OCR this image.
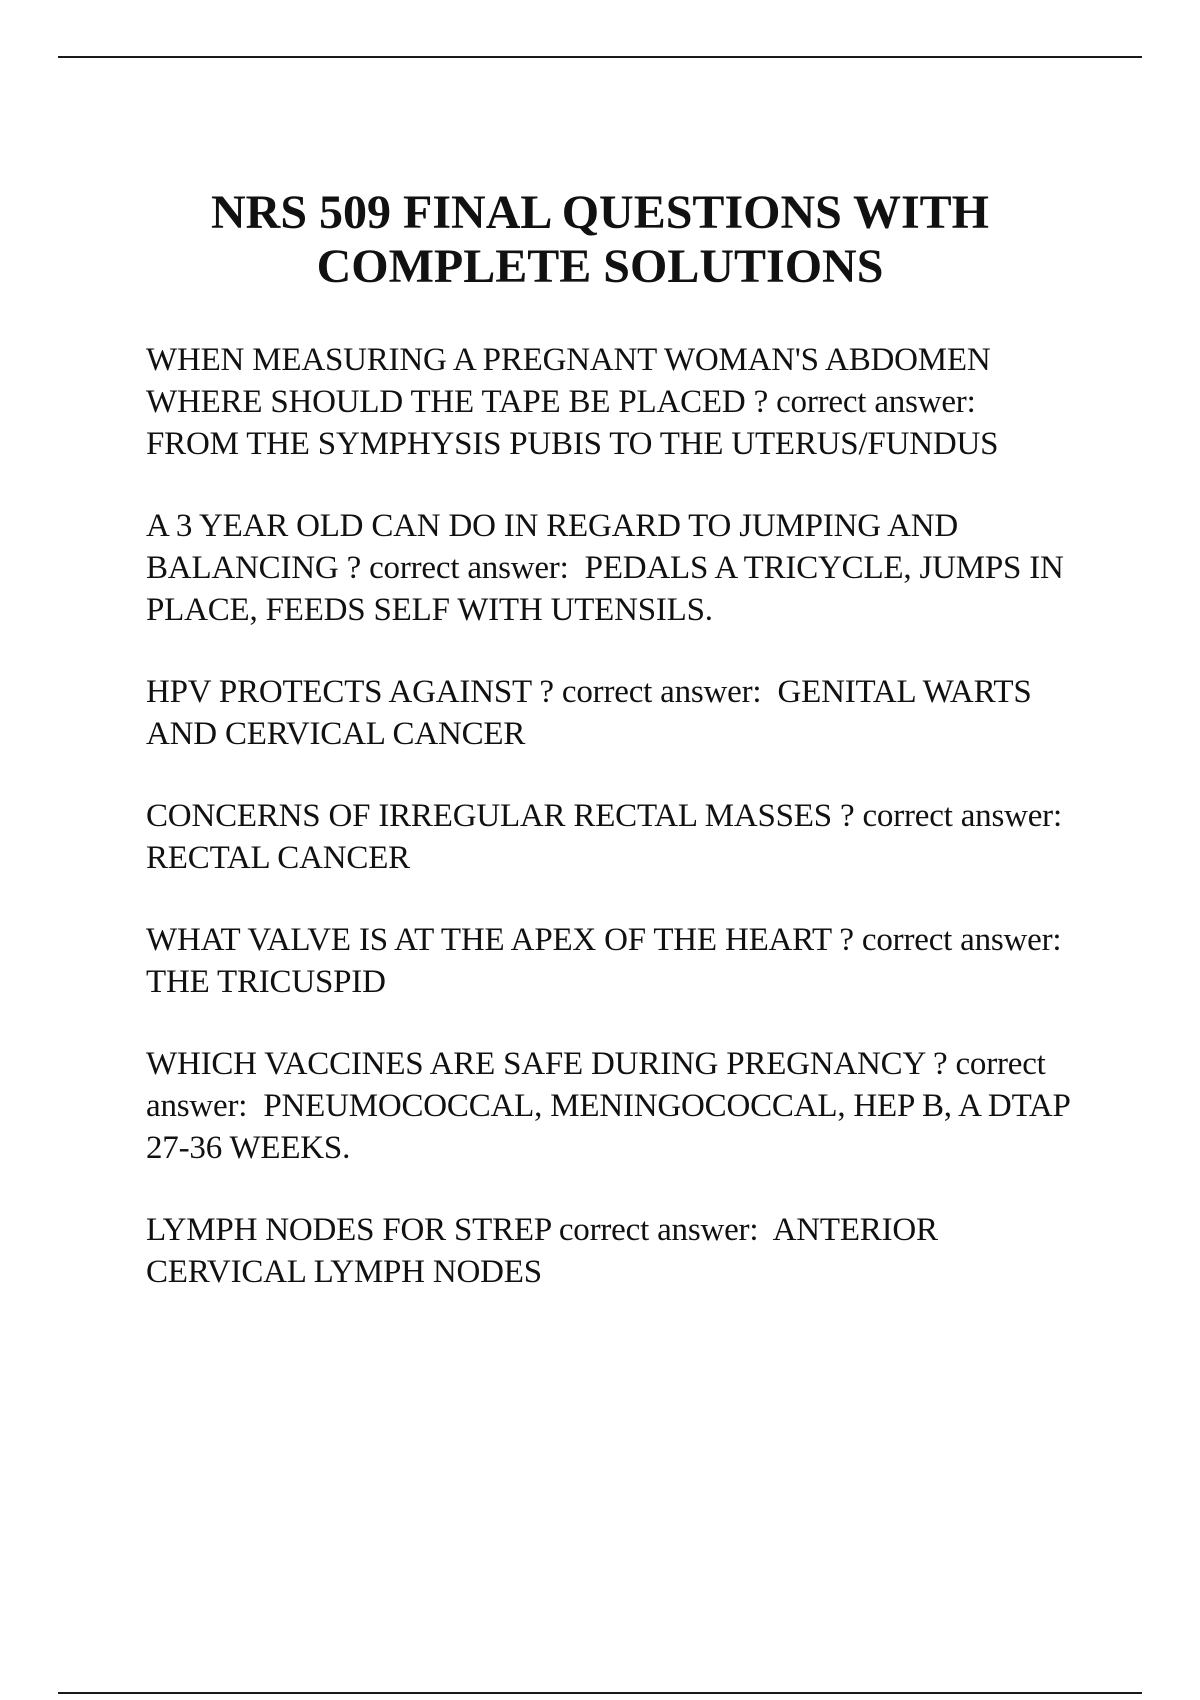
NRS 509 FINAL QUESTIONS WITH
COMPLETE SOLUTIONS
WHEN MEASURING A PREGNANT WOMAN'S ABDOMEN WHERE SHOULD THE TAPE BE PLACED ? correct answer:  FROM THE SYMPHYSIS PUBIS TO THE UTERUS/FUNDUS
A 3 YEAR OLD CAN DO IN REGARD TO JUMPING AND BALANCING ? correct answer: PEDALS A TRICYCLE, JUMPS IN PLACE, FEEDS SELF WITH UTENSILS.
HPV PROTECTS AGAINST ? correct answer: GENITAL WARTS AND CERVICAL CANCER
CONCERNS OF IRREGULAR RECTAL MASSES ? correct answer:  RECTAL CANCER
WHAT VALVE IS AT THE APEX OF THE HEART ? correct answer:  THE TRICUSPID
WHICH VACCINES ARE SAFE DURING PREGNANCY ? correct answer: PNEUMOCOCCAL, MENINGOCOCCAL, HEP B, A DTAP 27-36 WEEKS.
LYMPH NODES FOR STREP correct answer: ANTERIOR CERVICAL LYMPH NODES
